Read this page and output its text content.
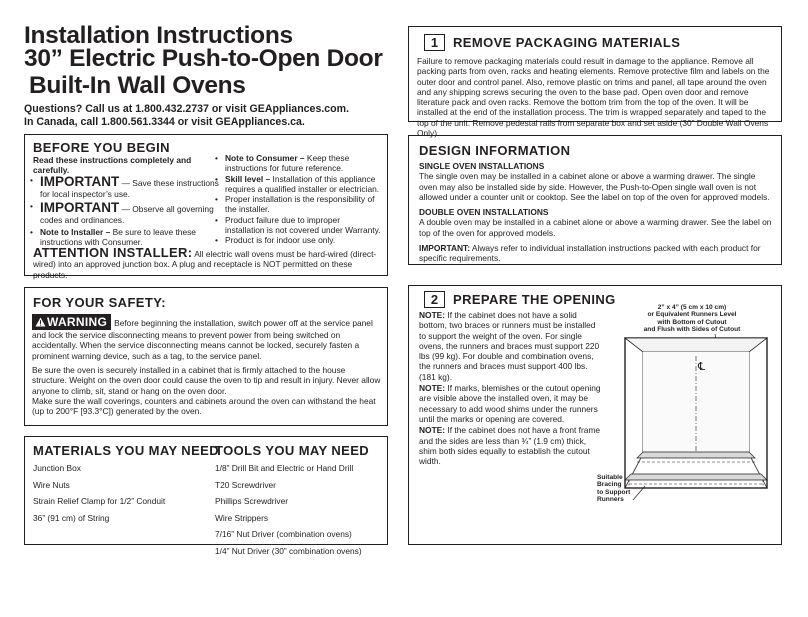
Installation Instructions
30” Electric Push-to-Open Door
Built-In Wall Ovens
Questions? Call us at 1.800.432.2737 or visit GEAppliances.com.
In Canada, call 1.800.561.3344 or visit GEAppliances.ca.
BEFORE YOU BEGIN
Read these instructions completely and carefully.
• IMPORTANT — Save these instructions for local inspector’s use.
• IMPORTANT — Observe all governing codes and ordinances.
• Note to Installer – Be sure to leave these instructions with Consumer.
• Note to Consumer – Keep these instructions for future reference.
• Skill level – Installation of this appliance requires a qualified installer or electrician.
• Proper installation is the responsibility of the installer.
• Product failure due to improper installation is not covered under Warranty.
• Product is for indoor use only.
ATTENTION INSTALLER: All electric wall ovens must be hard-wired (direct-wired) into an approved junction box. A plug and receptacle is NOT permitted on these products.
FOR YOUR SAFETY:
WARNING Before beginning the installation, switch power off at the service panel and lock the service disconnecting means to prevent power from being switched on accidentally. When the service disconnecting means cannot be locked, securely fasten a prominent warning device, such as a tag, to the service panel.
Be sure the oven is securely installed in a cabinet that is firmly attached to the house structure. Weight on the oven door could cause the oven to tip and result in injury. Never allow anyone to climb, sit, stand or hang on the oven door.
Make sure the wall coverings, counters and cabinets around the oven can withstand the heat (up to 200°F [93.3°C]) generated by the oven.
MATERIALS YOU MAY NEED
Junction Box
Wire Nuts
Strain Relief Clamp for 1/2” Conduit
36” (91 cm) of String
TOOLS YOU MAY NEED
1/8” Drill Bit and Electric or Hand Drill
T20 Screwdriver
Phillips Screwdriver
Wire Strippers
7/16” Nut Driver (combination ovens)
1/4” Nut Driver (30” combination ovens)
1 REMOVE PACKAGING MATERIALS
Failure to remove packaging materials could result in damage to the appliance. Remove all packing parts from oven, racks and heating elements. Remove protective film and labels on the outer door and control panel. Also, remove plastic on trims and panel, all tape around the oven and any shipping screws securing the oven to the base pad. Open oven door and remove literature pack and oven racks. Remove the bottom trim from the top of the oven. It will be installed at the end of the installation process. The trim is wrapped separately and taped to the top of the unit. Remove pedestal rails from separate box and set aside (30” Double Wall Ovens Only).
DESIGN INFORMATION
SINGLE OVEN INSTALLATIONS
The single oven may be installed in a cabinet alone or above a warming drawer. The single oven may also be installed side by side. However, the Push-to-Open single wall oven is not allowed under a counter unit or cooktop. See the label on top of the oven for approved models.
DOUBLE OVEN INSTALLATIONS
A double oven may be installed in a cabinet alone or above a warming drawer. See the label on top of the oven for approved models.
IMPORTANT: Always refer to individual installation instructions packed with each product for specific requirements.
2 PREPARE THE OPENING
NOTE: If the cabinet does not have a solid bottom, two braces or runners must be installed to support the weight of the oven. For single ovens, the runners and braces must support 220 lbs (99 kg). For double and combination ovens, the runners and braces must support 400 lbs. (181 kg).
NOTE: If marks, blemishes or the cutout opening are visible above the installed oven, it may be necessary to add wood shims under the runners until the marks or opening are covered.
NOTE: If the cabinet does not have a front frame and the sides are less than ¾” (1.9 cm) thick, shim both sides equally to establish the cutout width.
2” x 4” (5 cm x 10 cm)
or Equivalent Runners Level
with Bottom of Cutout
and Flush with Sides of Cutout
℄
Suitable
Bracing
to Support
Runners
